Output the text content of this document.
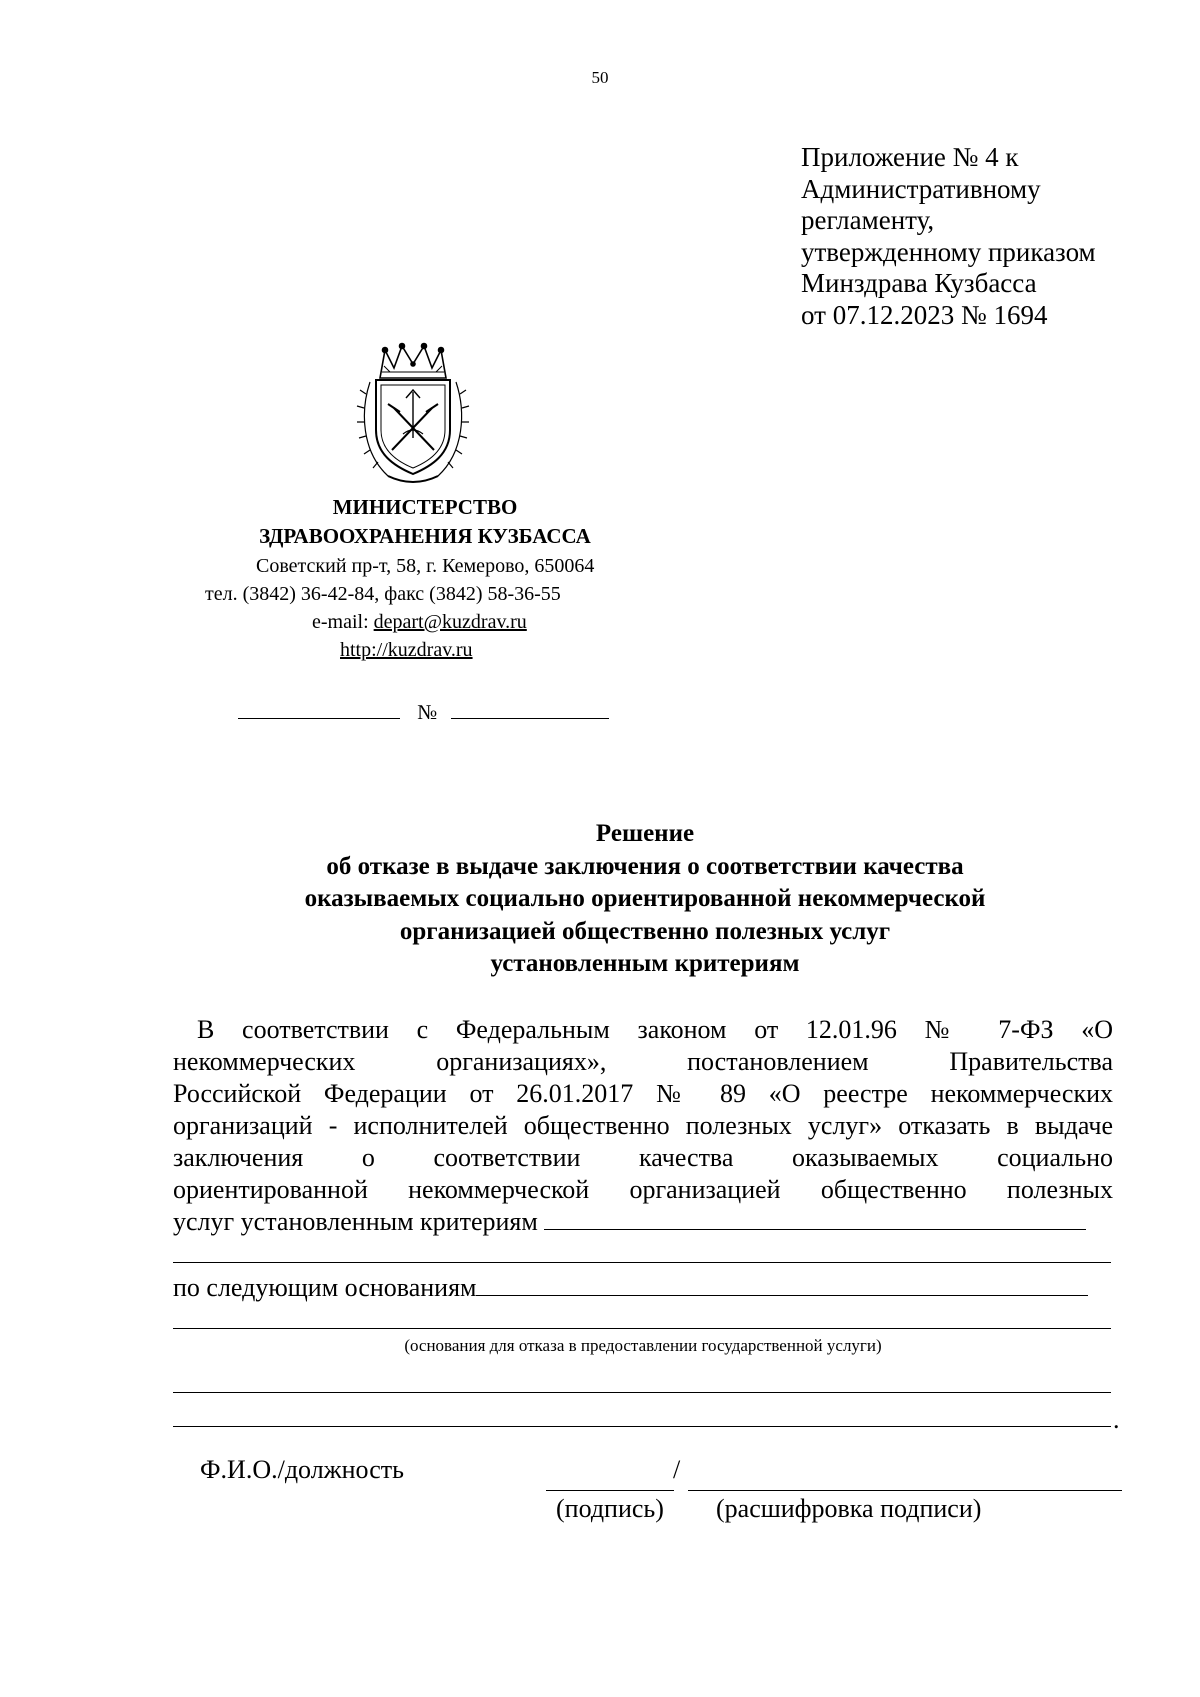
50
Приложение № 4 к
Административному
регламенту,
утвержденному приказом
Минздрава Кузбасса
от 07.12.2023 № 1694
МИНИСТЕРСТВО
ЗДРАВООХРАНЕНИЯ КУЗБАССА
Советский пр-т, 58, г. Кемерово, 650064
тел. (3842) 36-42-84, факс (3842) 58-36-55
e-mail: depart@kuzdrav.ru
http://kuzdrav.ru
№
Решение
об отказе в выдаче заключения о соответствии качества
оказываемых социально ориентированной некоммерческой
организацией общественно полезных услуг
установленным критериям
В соответствии с Федеральным законом от 12.01.96 № 7-ФЗ «О
некоммерческих организациях», постановлением Правительства
Российской Федерации от 26.01.2017 № 89 «О реестре некоммерческих
организаций - исполнителей общественно полезных услуг» отказать в выдаче
заключения о соответствии качества оказываемых социально
ориентированной некоммерческой организацией общественно полезных
услуг установленным критериям
по следующим основаниям
(основания для отказа в предоставлении государственной услуги)
.
Ф.И.О./должность	/
(подпись) (расшифровка подписи)
